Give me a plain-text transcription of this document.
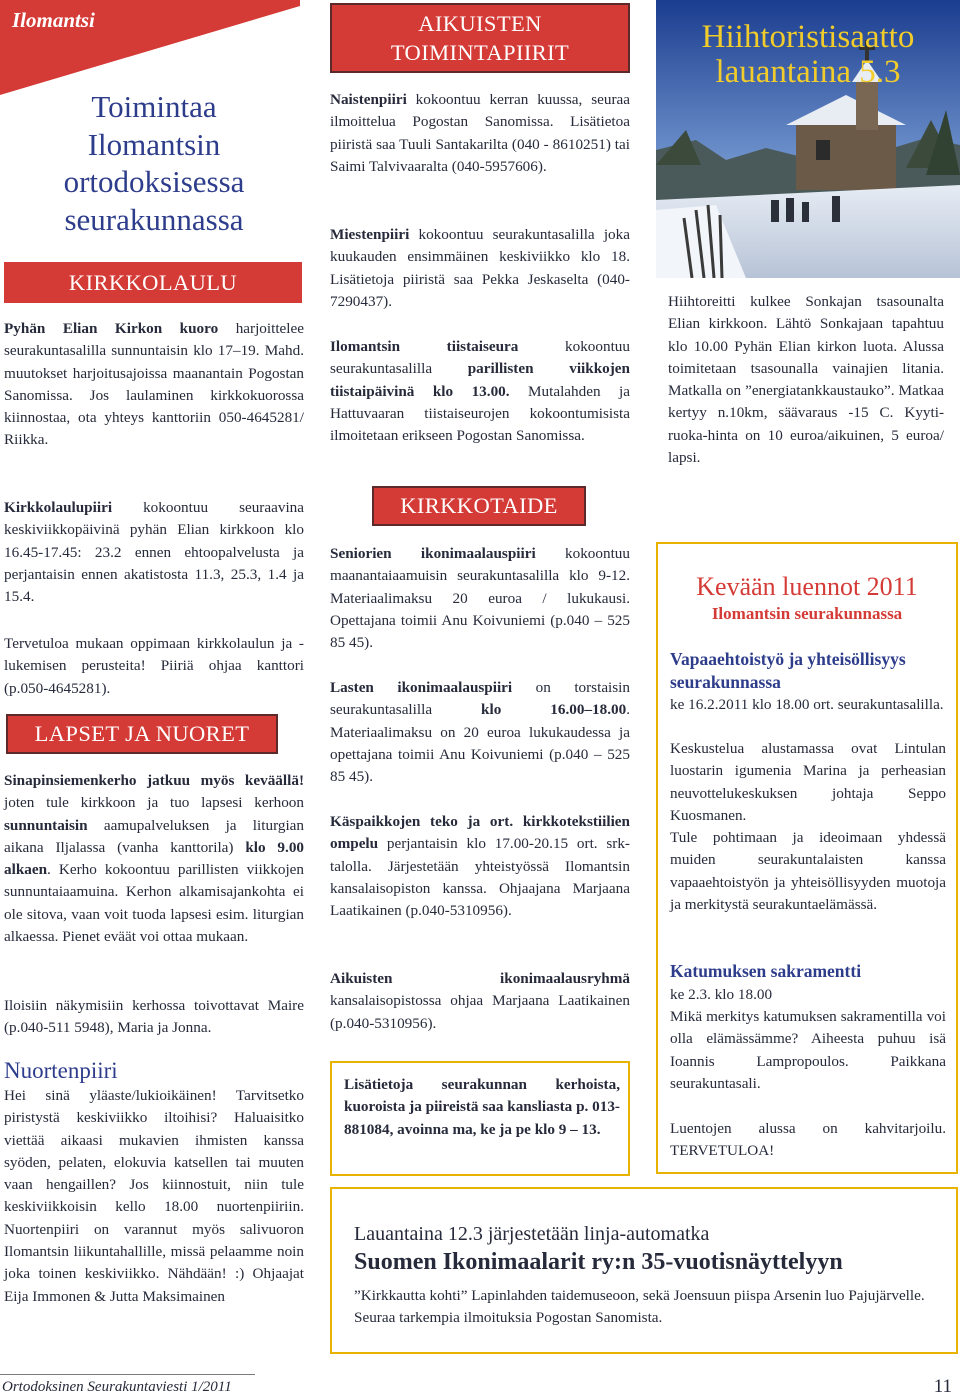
Ilomantsi
Toimintaa
Ilomantsin
ortodoksisessa
seurakunnassa
KIRKKOLAULU

Pyhän Elian Kirkon kuoro harjoittelee seurakuntasalilla sunnuntaisin klo 17–19. Mahd. muutokset harjoitusajoissa maanantain Pogostan Sanomissa. Jos laulaminen kirkkokuorossa kiinnostaa, ota yhteys kanttoriin 050-4645281/ Riikka.

Kirkkolaulupiiri kokoontuu seuraavina keskiviikkopäivinä pyhän Elian kirkkoon klo 16.45-17.45: 23.2 ennen ehtoopalvelusta ja perjantaisin ennen akatistosta 11.3, 25.3, 1.4 ja 15.4.

Tervetuloa mukaan oppimaan kirkkolaulun ja -lukemisen perusteita! Piiriä ohjaa kanttori (p.050-4645281).

LAPSET JA NUORET

Sinapinsiemenkerho jatkuu myös keväällä! joten tule kirkkoon ja tuo lapsesi kerhoon sunnuntaisin aamupalveluksen ja liturgian aikana Iljalassa (vanha kanttorila) klo 9.00 alkaen. Kerho kokoontuu parillisten viikkojen sunnuntaiaamuina. Kerhon alkamisajankohta ei ole sitova, vaan voit tuoda lapsesi esim. liturgian alkaessa. Pienet eväät voi ottaa mukaan.

Iloisiin näkymisiin kerhossa toivottavat Maire (p.040-511 5948), Maria ja Jonna.

Nuortenpiiri

Hei sinä yläaste/lukioikäinen! Tarvitsetko piristystä keskiviikko iltoihisi? Haluaisitko viettää aikaasi mukavien ihmisten kanssa syöden, pelaten, elokuvia katsellen tai muuten vaan hengaillen? Jos kiinnostuit, niin tule keskiviikkoisin kello 18.00 nuortenpiiriin. Nuortenpiiri on varannut myös salivuoron Ilomantsin liikuntahallille, missä pelaamme noin joka toinen keskiviikko. Nähdään! :) Ohjaajat Eija Immonen & Jutta Maksimainen

AIKUISTEN
TOIMINTAPIIRIT

Naistenpiiri kokoontuu kerran kuussa, seuraa ilmoittelua Pogostan Sanomissa. Lisätietoa piiristä saa Tuuli Santakarilta (040 - 8610251) tai Saimi Talvivaaralta (040-5957606).

Miestenpiiri kokoontuu seurakuntasalilla joka kuukauden ensimmäinen keskiviikko klo 18. Lisätietoja piiristä saa Pekka Jeskaselta (040-7290437).

Ilomantsin tiistaiseura kokoontuu seurakuntasalilla parillisten viikkojen tiistaipäivinä klo 13.00. Mutalahden ja Hattuvaaran tiistaiseurojen kokoontumisista ilmoitetaan erikseen Pogostan Sanomissa.

KIRKKOTAIDE

Seniorien ikonimaalauspiiri kokoontuu maanantaiaamuisin seurakuntasalilla klo 9-12. Materiaalimaksu 20 euroa / lukukausi. Opettajana toimii Anu Koivuniemi (p.040 – 525 85 45).

Lasten ikonimaalauspiiri on torstaisin seurakuntasalilla klo 16.00–18.00. Materiaalimaksu on 20 euroa lukukaudessa ja opettajana toimii Anu Koivuniemi (p.040 – 525 85 45).

Käspaikkojen teko ja ort. kirkkotekstiilien ompelu perjantaisin klo 17.00-20.15 ort. srk-talolla. Järjestetään yhteistyössä Ilomantsin kansalaisopiston kanssa. Ohjaajana Marjaana Laatikainen (p.040-5310956).

Aikuisten ikonimaalausryhmä kansalaisopistossa ohjaa Marjaana Laatikainen (p.040-5310956).

Lisätietoja seurakunnan kerhoista, kuoroista ja piireistä saa kansliasta p. 013- 881084, avoinna ma, ke ja pe klo 9 – 13.

Hiihtoristisaatto
lauantaina 5.3

Hiihtoreitti kulkee Sonkajan tsasounalta Elian kirkkoon. Lähtö Sonkajaan tapahtuu klo 10.00 Pyhän Elian kirkon luota. Alussa toimitetaan tsasounalla vainajien litania. Matkalla on ”energiatankkaustauko”. Matkaa kertyy n.10km, säävaraus -15 C. Kyyti-ruoka-hinta on 10 euroa/aikuinen, 5 euroa/ lapsi.

Kevään luennot 2011
Ilomantsin seurakunnassa
Vapaaehtoistyö ja yhteisöllisyys seurakunnassa

ke 16.2.2011 klo 18.00 ort. seurakuntasalilla.

Keskustelua alustamassa ovat Lintulan luostarin igumenia Marina ja perheasian neuvottelukeskuksen johtaja Seppo Kuosmanen.

Tule pohtimaan ja ideoimaan yhdessä muiden seurakuntalaisten kanssa vapaaehtoistyön ja yhteisöllisyyden muotoja ja merkitystä seurakuntaelämässä.

Katumuksen sakramentti

ke 2.3. klo 18.00

Mikä merkitys katumuksen sakramentilla voi olla elämässämme? Aiheesta puhuu isä Ioannis Lampropoulos. Paikkana seurakuntasali.

Luentojen alussa on kahvitarjoilu. TERVETULOA!

Lauantaina 12.3 järjestetään linja-automatka
Suomen Ikonimaalarit ry:n 35-vuotisnäyttelyyn

”Kirkkautta kohti” Lapinlahden taidemuseoon, sekä Joensuun piispa Arsenin luo Pajujärvelle. Seuraa tarkempia ilmoituksia Pogostan Sanomista.

Ortodoksinen Seurakuntaviesti 1/2011	11
